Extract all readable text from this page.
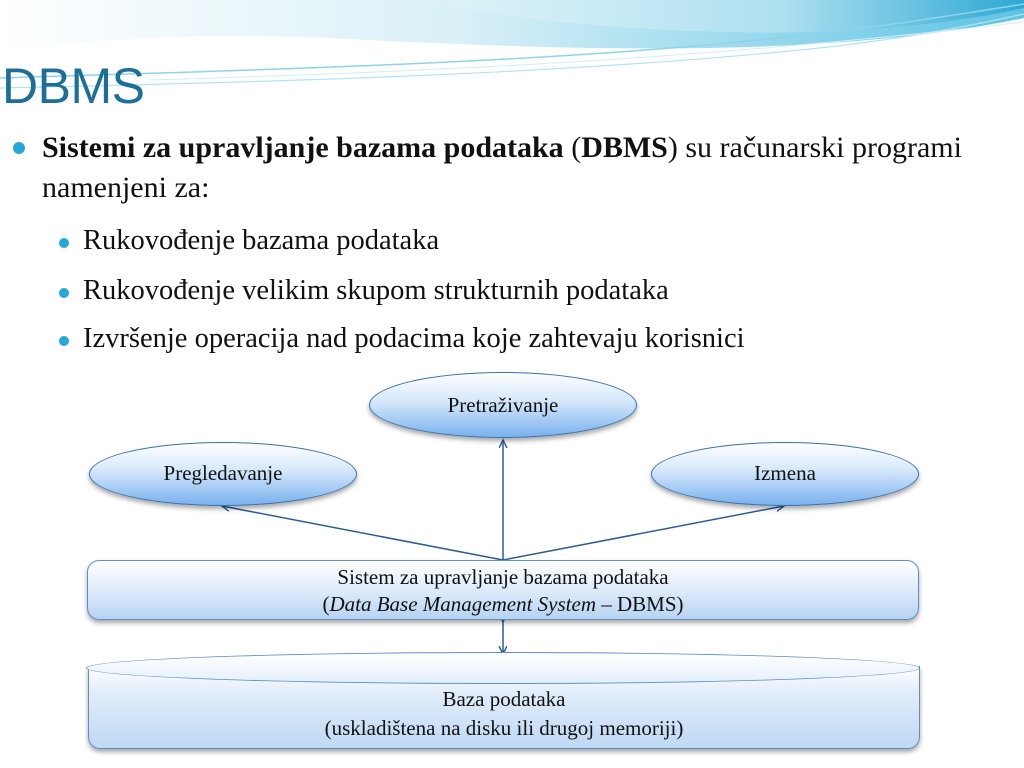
DBMS
Sistemi za upravljanje bazama podataka (DBMS) su računarski programi namenjeni za:
Rukovođenje bazama podataka
Rukovođenje velikim skupom strukturnih podataka
Izvršenje operacija nad podacima koje zahtevaju korisnici
Pretraživanje
Pregledavanje	Izmena
Sistem za upravljanje bazama podataka
(Data Base Management System – DBMS)
Baza podataka
(uskladištena na disku ili drugoj memoriji)
